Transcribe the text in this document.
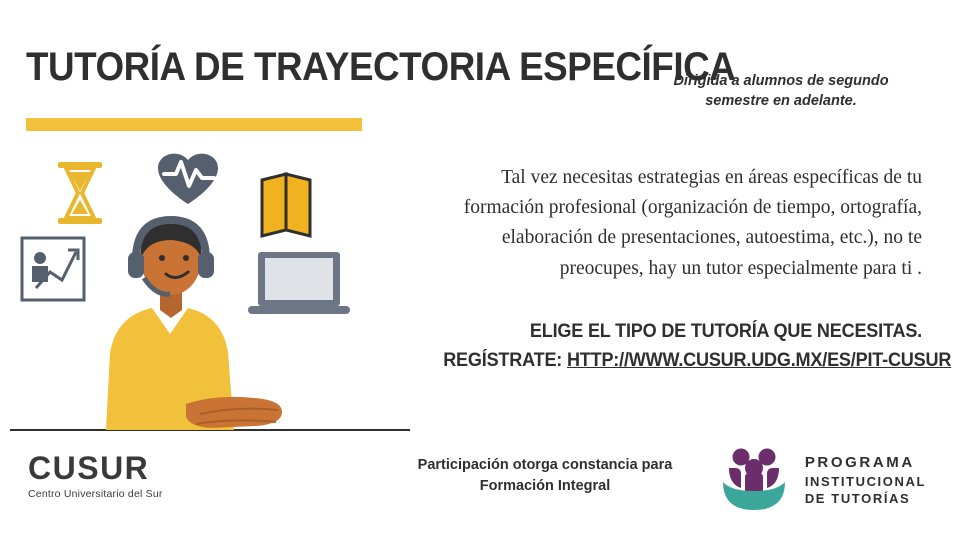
TUTORÍA DE TRAYECTORIA ESPECÍFICA
Dirigida a alumnos de segundo semestre en adelante.
Tal vez necesitas estrategias en áreas específicas de tu formación profesional (organización de tiempo, ortografía, elaboración de presentaciones, autoestima, etc.), no te preocupes, hay un tutor especialmente para ti .
ELIGE EL TIPO DE TUTORÍA QUE NECESITAS.
REGÍSTRATE: HTTP://WWW.CUSUR.UDG.MX/ES/PIT-CUSUR
Participación otorga constancia para Formación Integral
CUSUR
Centro Universitario del Sur
PROGRAMA
INSTITUCIONAL
DE TUTORÍAS
